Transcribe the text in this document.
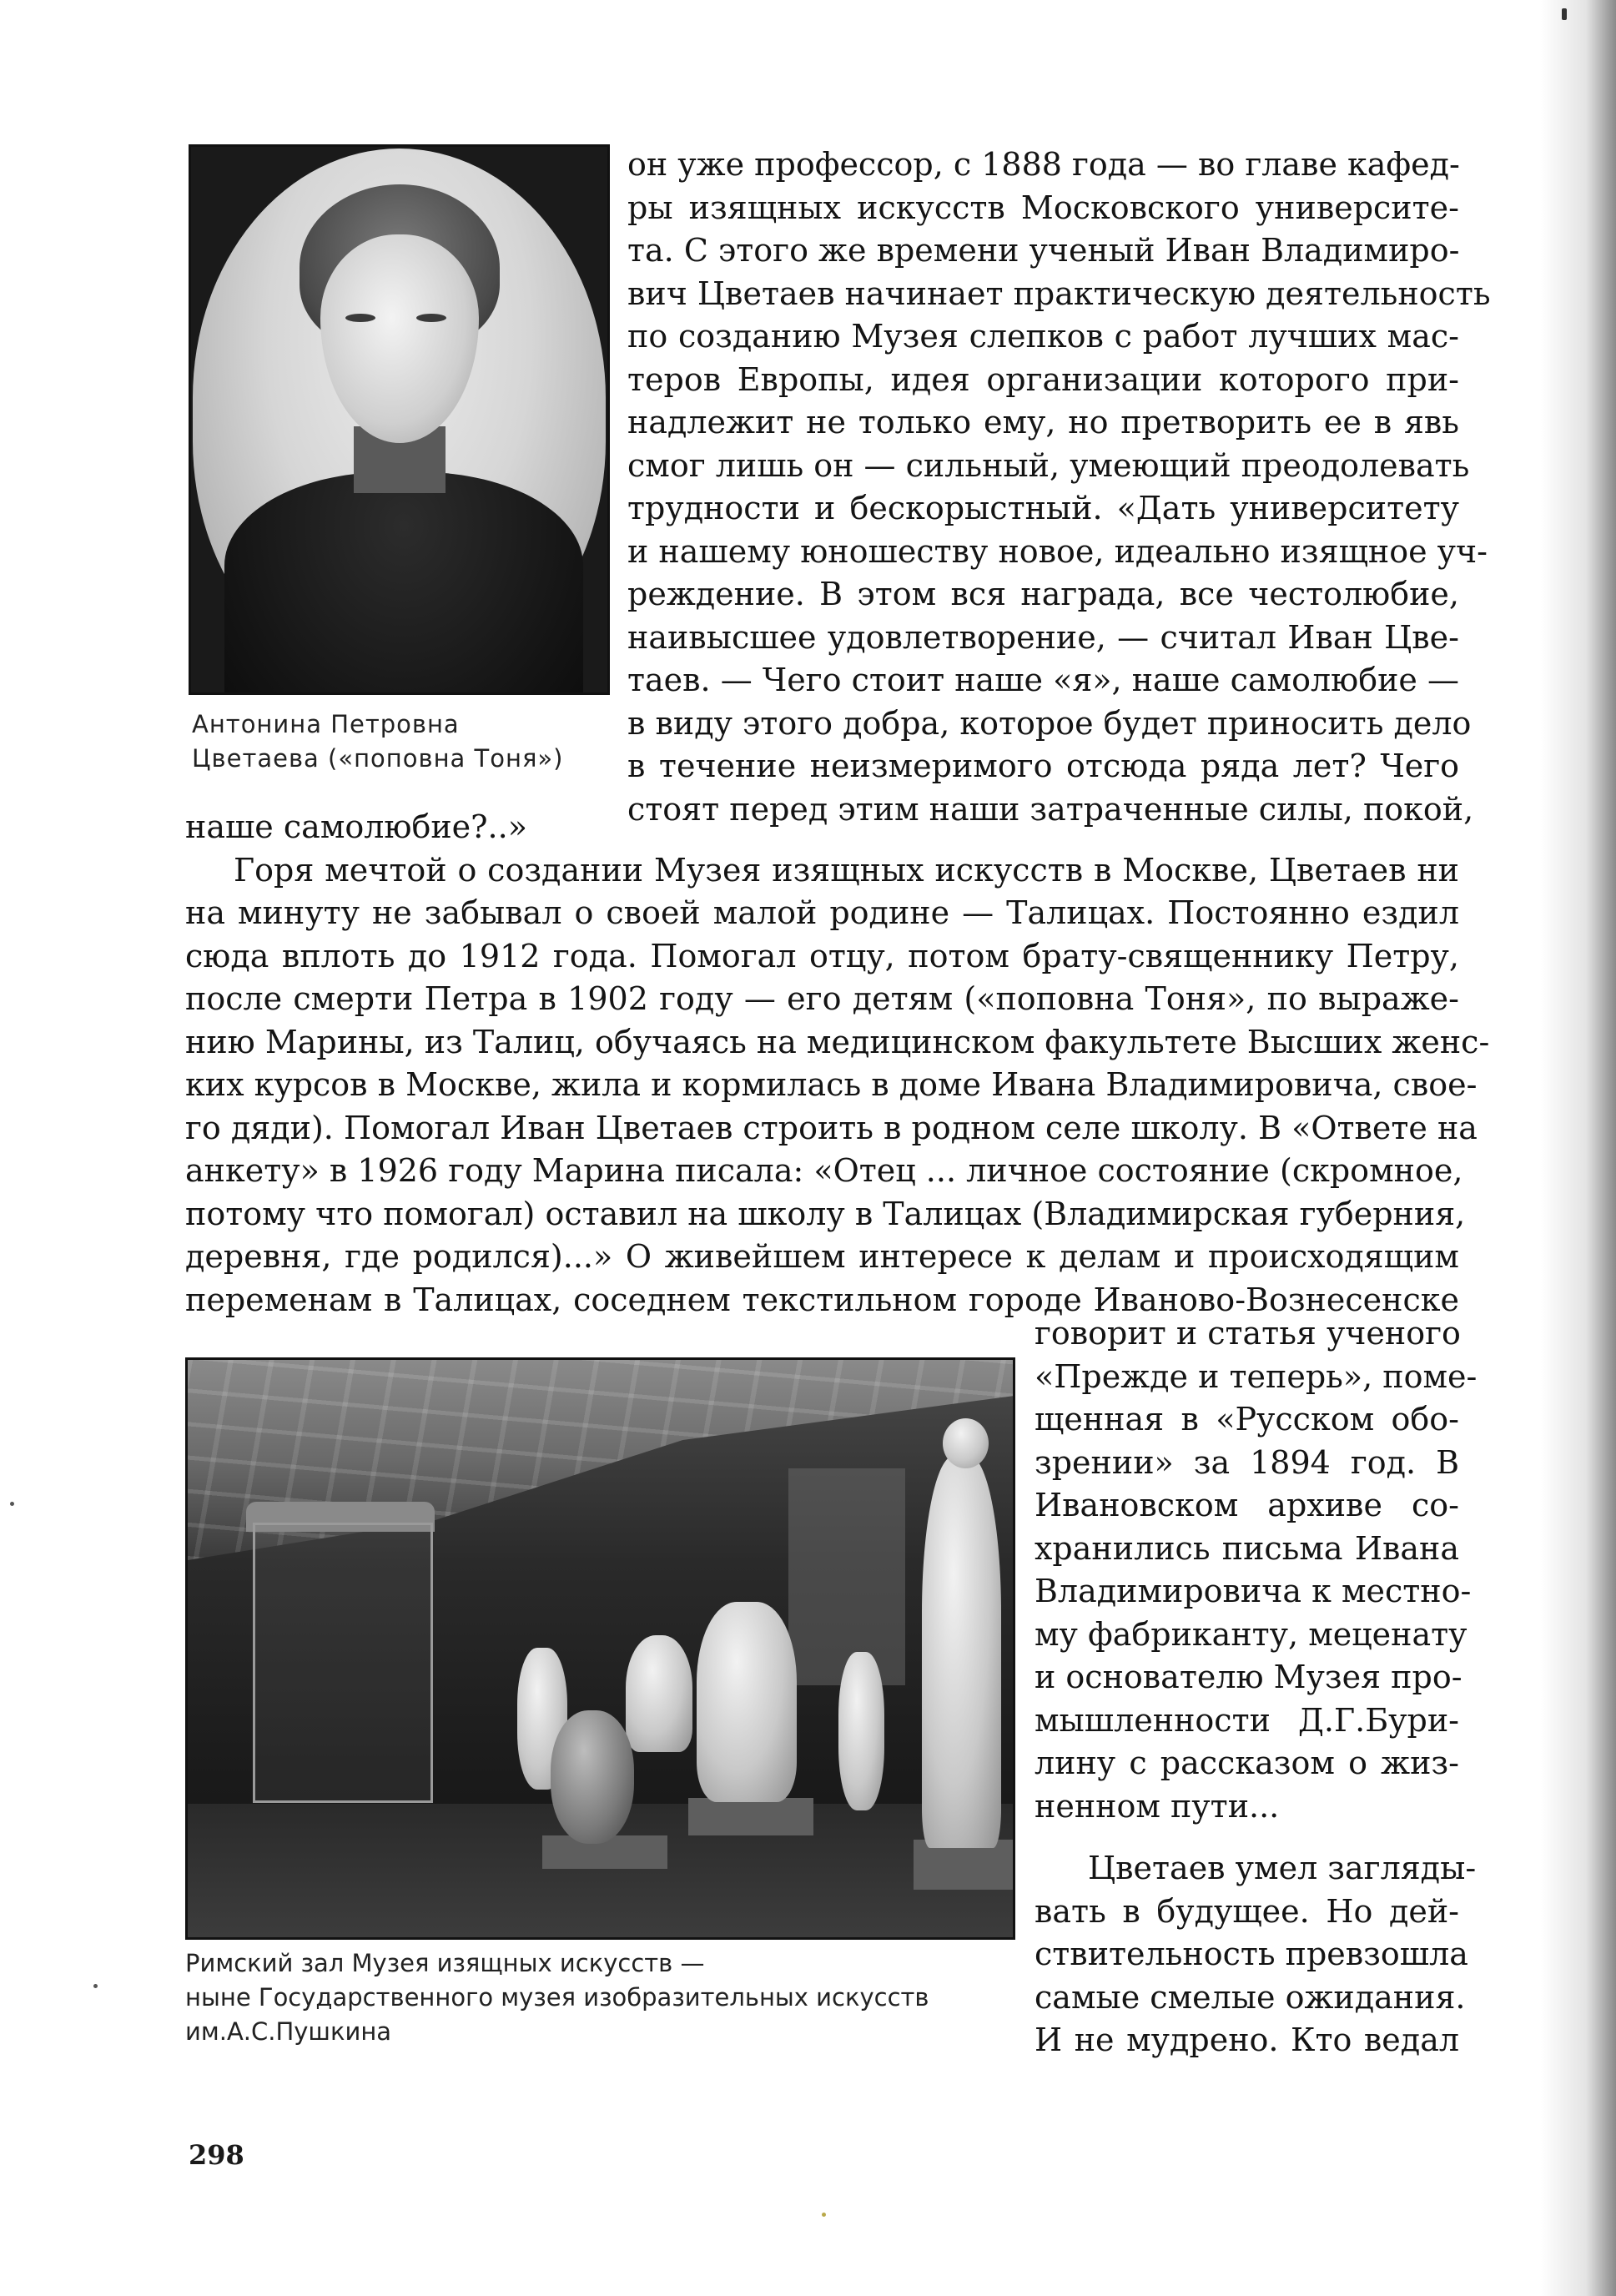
Антонина Петровна
Цветаева («поповна Тоня»)
он уже профессор, с 1888 года — во главе кафед-
ры изящных искусств Московского университе-
та. С этого же времени ученый Иван Владимиро-
вич Цветаев начинает практическую деятельность
по созданию Музея слепков с работ лучших мас-
теров Европы, идея организации которого при-
надлежит не только ему, но претворить ее в явь
смог лишь он — сильный, умеющий преодолевать
трудности и бескорыстный. «Дать университету
и нашему юношеству новое, идеально изящное уч-
реждение. В этом вся награда, все честолюбие,
наивысшее удовлетворение, — считал Иван Цве-
таев. — Чего стоит наше «я», наше самолюбие —
в виду этого добра, которое будет приносить дело
в течение неизмеримого отсюда ряда лет? Чего
стоят перед этим наши затраченные силы, покой,
наше самолюбие?..»
Горя мечтой о создании Музея изящных искусств в Москве, Цветаев ни
на минуту не забывал о своей малой родине — Талицах. Постоянно ездил
сюда вплоть до 1912 года. Помогал отцу, потом брату-священнику Петру,
после смерти Петра в 1902 году — его детям («поповна Тоня», по выраже-
нию Марины, из Талиц, обучаясь на медицинском факультете Высших женс-
ких курсов в Москве, жила и кормилась в доме Ивана Владимировича, свое-
го дяди). Помогал Иван Цветаев строить в родном селе школу. В «Ответе на
анкету» в 1926 году Марина писала: «Отец ... личное состояние (скромное,
потому что помогал) оставил на школу в Талицах (Владимирская губерния,
деревня, где родился)...» О живейшем интересе к делам и происходящим
переменам в Талицах, соседнем текстильном городе Иваново-Вознесенске
Римский зал Музея изящных искусств —
ныне Государственного музея изобразительных искусств
им.А.С.Пушкина
говорит и статья ученого
«Прежде и теперь», поме-
щенная в «Русском обо-
зрении» за 1894 год. В
Ивановском архиве со-
хранились письма Ивана
Владимировича к местно-
му фабриканту, меценату
и основателю Музея про-
мышленности Д.Г.Бури-
лину с рассказом о жиз-
ненном пути...
Цветаев умел загляды-
вать в будущее. Но дей-
ствительность превзошла
самые смелые ожидания.
И не мудрено. Кто ведал
298
